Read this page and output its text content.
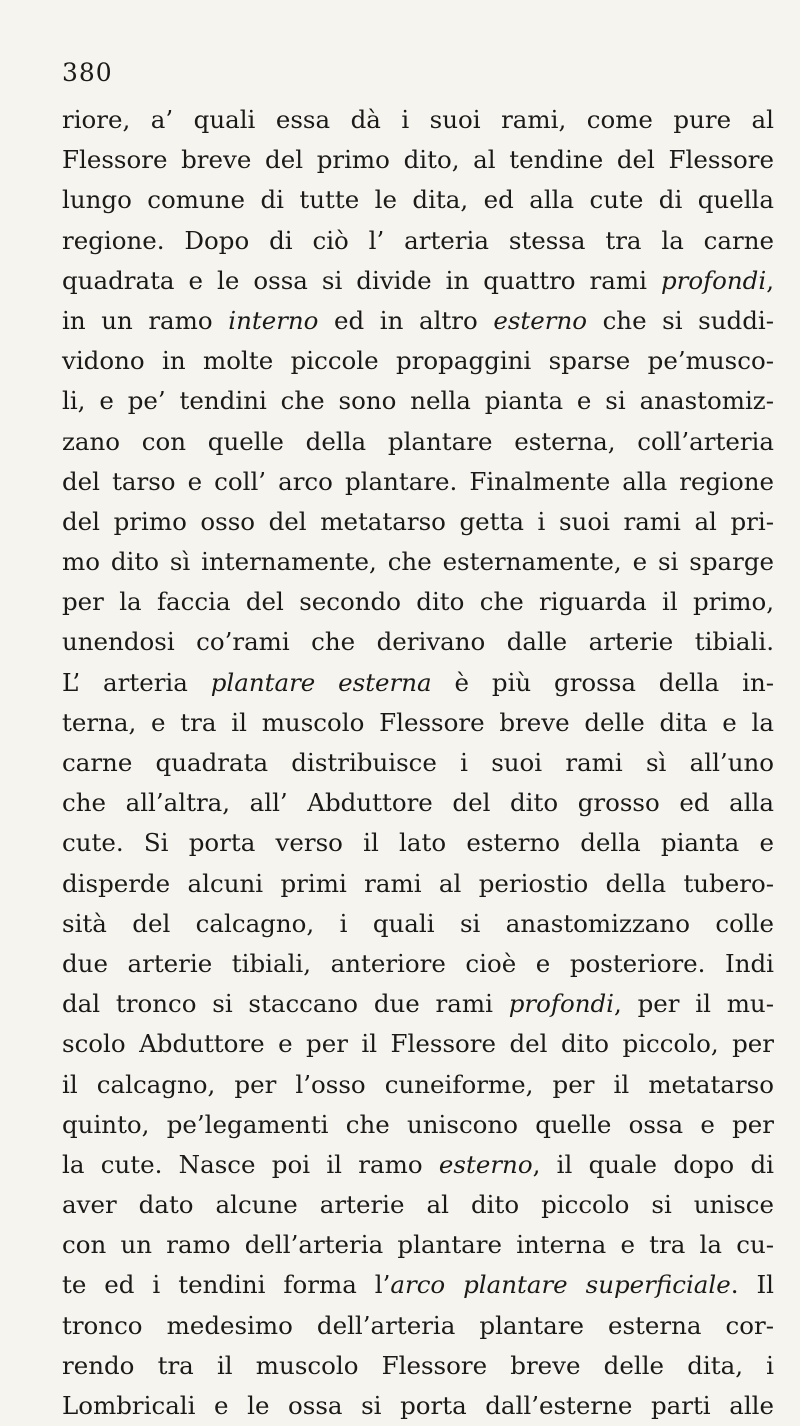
380
riore, a’ quali essa dà i suoi rami, come pure al
Flessore breve del primo dito, al tendine del Flessore
lungo comune di tutte le dita, ed alla cute di quella
regione. Dopo di ciò l’ arteria stessa tra la carne
quadrata e le ossa si divide in quattro rami profondi,
in un ramo interno ed in altro esterno che si suddi-
vidono in molte piccole propaggini sparse pe’musco-
li, e pe’ tendini che sono nella pianta e si anastomiz-
zano con quelle della plantare esterna, coll’arteria
del tarso e coll’ arco plantare. Finalmente alla regione
del primo osso del metatarso getta i suoi rami al pri-
mo dito sì internamente, che esternamente, e si sparge
per la faccia del secondo dito che riguarda il primo,
unendosi co’rami che derivano dalle arterie tibiali.
L’ arteria plantare esterna è più grossa della in-
terna, e tra il muscolo Flessore breve delle dita e la
carne quadrata distribuisce i suoi rami sì all’uno
che all’altra, all’ Abduttore del dito grosso ed alla
cute. Si porta verso il lato esterno della pianta e
disperde alcuni primi rami al periostio della tubero-
sità del calcagno, i quali si anastomizzano colle
due arterie tibiali, anteriore cioè e posteriore. Indi
dal tronco si staccano due rami profondi, per il mu-
scolo Abduttore e per il Flessore del dito piccolo, per
il calcagno, per l’osso cuneiforme, per il metatarso
quinto, pe’legamenti che uniscono quelle ossa e per
la cute. Nasce poi il ramo esterno, il quale dopo di
aver dato alcune arterie al dito piccolo si unisce
con un ramo dell’arteria plantare interna e tra la cu-
te ed i tendini forma l’arco plantare superficiale. Il
tronco medesimo dell’arteria plantare esterna cor-
rendo tra il muscolo Flessore breve delle dita, i
Lombricali e le ossa si porta dall’esterne parti alle
